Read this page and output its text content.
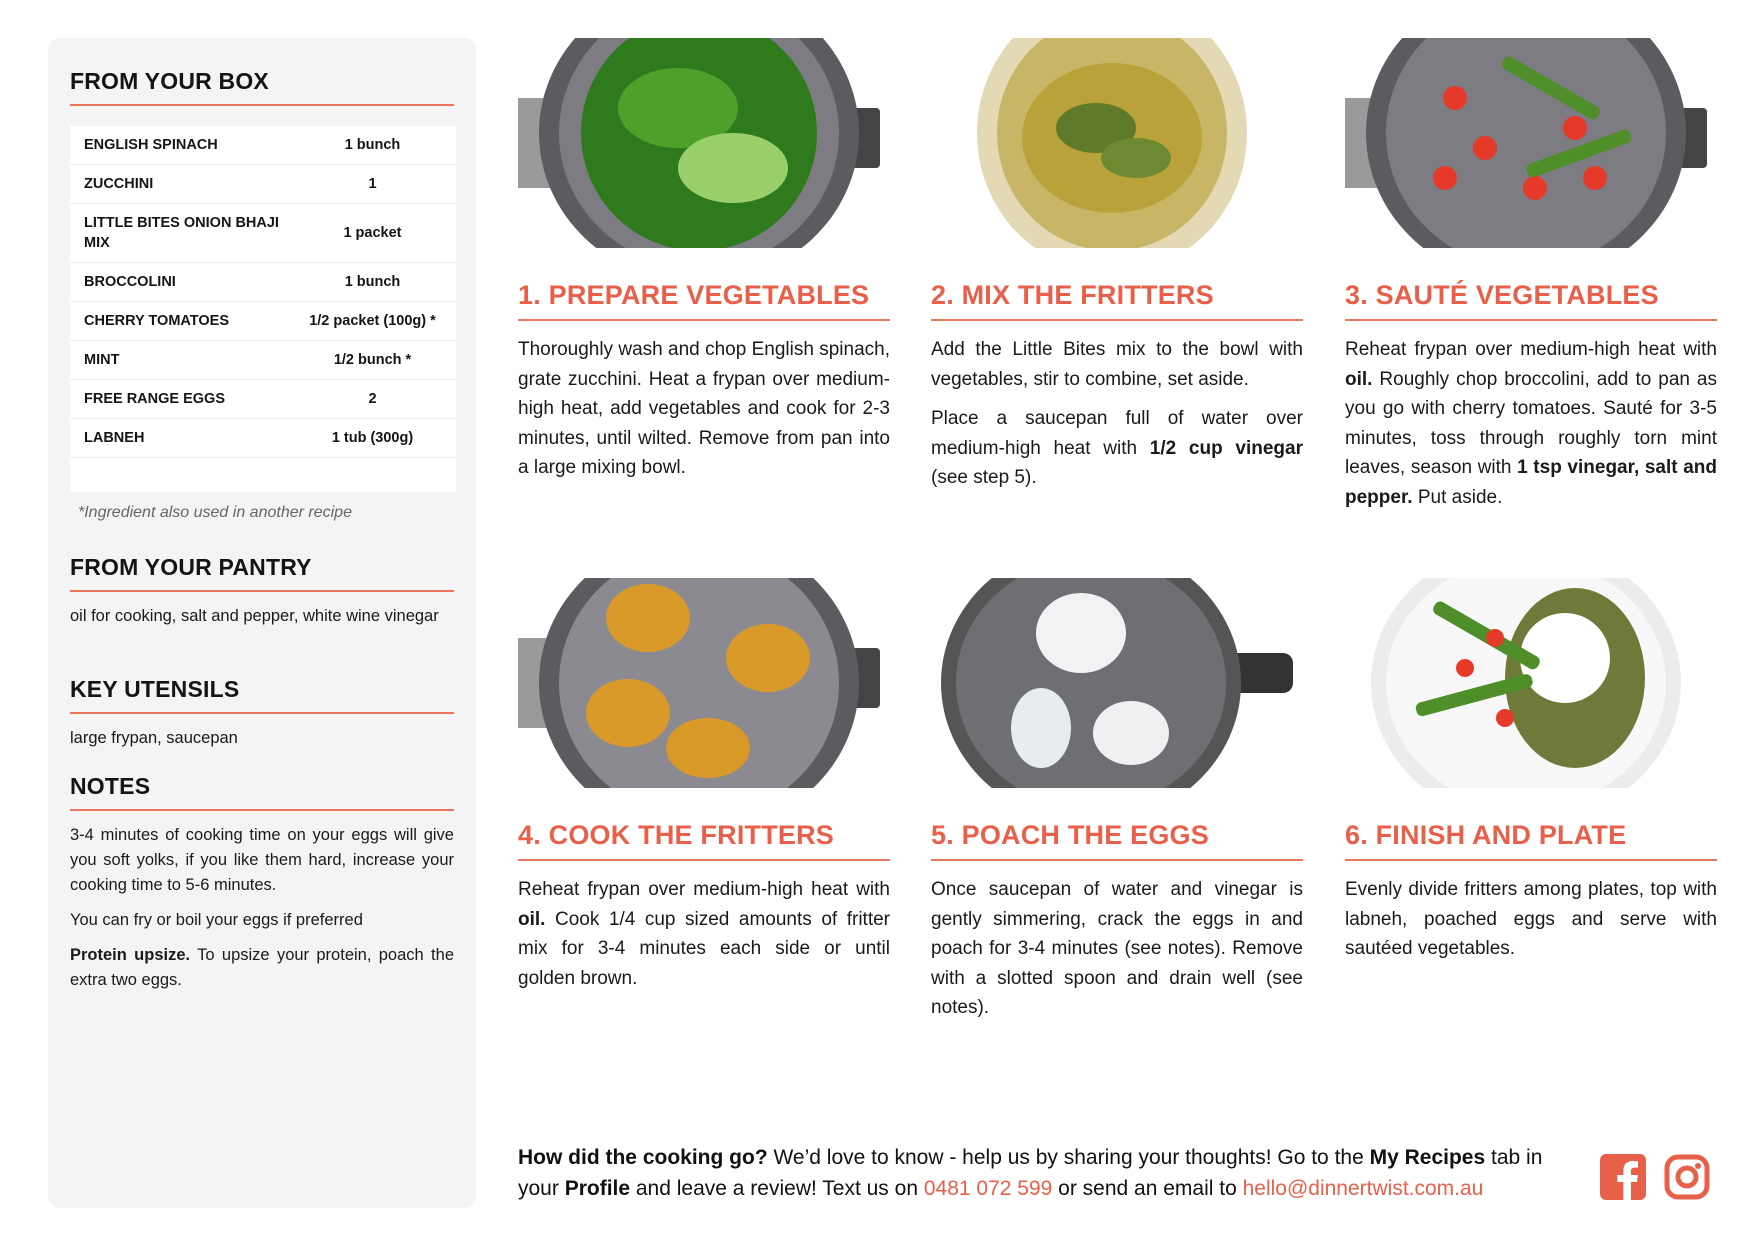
FROM YOUR BOX
ENGLISH SPINACH	1 bunch
ZUCCHINI	1
LITTLE BITES ONION BHAJI MIX
1 packet
BROCCOLINI	1 bunch
CHERRY TOMATOES	1/2 packet (100g) *
MINT	1/2 bunch *
FREE RANGE EGGS	2
LABNEH	1 tub (300g)
*Ingredient also used in another recipe
FROM YOUR PANTRY
oil for cooking, salt and pepper, white wine vinegar
KEY UTENSILS
large frypan, saucepan
NOTES

3-4 minutes of cooking time on your eggs will give you soft yolks, if you like them hard, increase your cooking time to 5-6 minutes.

You can fry or boil your eggs if preferred

Protein upsize. To upsize your protein, poach the extra two eggs.

1. PREPARE VEGETABLES
Thoroughly wash and chop English spinach, grate zucchini. Heat a frypan over medium-high heat, add vegetables and cook for 2-3 minutes, until wilted. Remove from pan into a large mixing bowl.
2. MIX THE FRITTERS

Add the Little Bites mix to the bowl with vegetables, stir to combine, set aside.

Place a saucepan full of water over medium-high heat with 1/2 cup vinegar (see step 5).

3. SAUTÉ VEGETABLES
Reheat frypan over medium-high heat with oil. Roughly chop broccolini, add to pan as you go with cherry tomatoes. Sauté for 3-5 minutes, toss through roughly torn mint leaves, season with 1 tsp vinegar, salt and pepper. Put aside.
4. COOK THE FRITTERS
Reheat frypan over medium-high heat with oil. Cook 1/4 cup sized amounts of fritter mix for 3-4 minutes each side or until golden brown.
5. POACH THE EGGS
Once saucepan of water and vinegar is gently simmering, crack the eggs in and poach for 3-4 minutes (see notes). Remove with a slotted spoon and drain well (see notes).
6. FINISH AND PLATE
Evenly divide fritters among plates, top with labneh, poached eggs and serve with sautéed vegetables.
How did the cooking go? We’d love to know - help us by sharing your thoughts! Go to the My Recipes tab in your Profile and leave a review! Text us on 0481 072 599 or send an email to hello@dinnertwist.com.au
